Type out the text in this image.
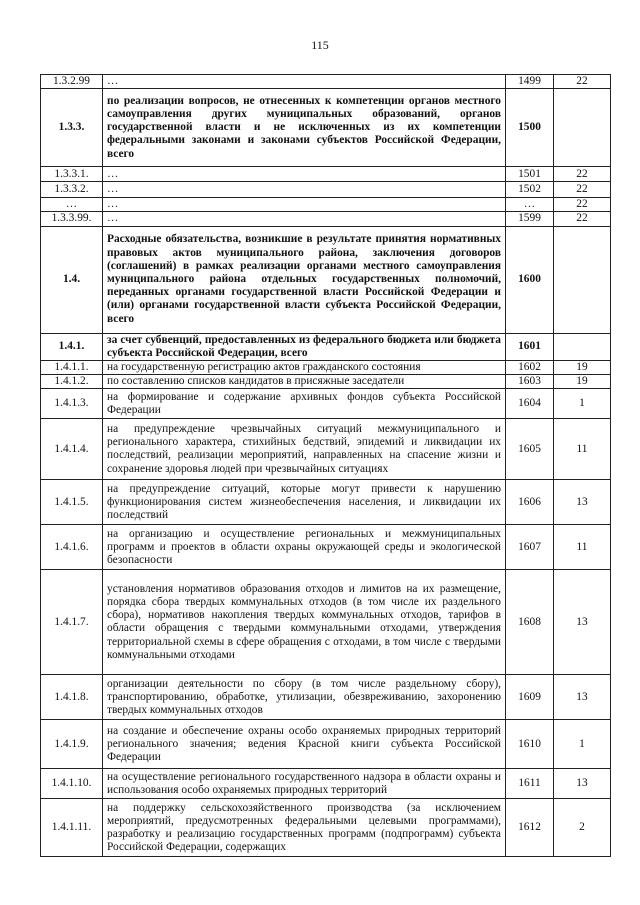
115
1.3.2.99	…	1499	22
1.3.3.	по реализации вопросов, не отнесенных к компетенции органов местного самоуправления других муниципальных образований, органов государственной власти и не исключенных из их компетенции федеральными законами и законами субъектов Российской Федерации, всего	1500	
1.3.3.1.	…	1501	22
1.3.3.2.	…	1502	22
…	…	…	22
1.3.3.99.	…	1599	22
1.4.	Расходные обязательства, возникшие в результате принятия нормативных правовых актов муниципального района, заключения договоров (соглашений) в рамках реализации органами местного самоуправления муниципального района отдельных государственных полномочий, переданных органами государственной власти Российской Федерации и (или) органами государственной власти субъекта Российской Федерации, всего	1600	
1.4.1.	за счет субвенций, предоставленных из федерального бюджета или бюджета субъекта Российской Федерации, всего	1601	
1.4.1.1.	на государственную регистрацию актов гражданского состояния	1602	19
1.4.1.2.	по составлению списков кандидатов в присяжные заседатели	1603	19
1.4.1.3.	на формирование и содержание архивных фондов субъекта Российской Федерации	1604	1
1.4.1.4.	на предупреждение чрезвычайных ситуаций межмуниципального и регионального характера, стихийных бедствий, эпидемий и ликвидации их последствий, реализации мероприятий, направленных на спасение жизни и сохранение здоровья людей при чрезвычайных ситуациях	1605	11
1.4.1.5.	на предупреждение ситуаций, которые могут привести к нарушению функционирования систем жизнеобеспечения населения, и ликвидации их последствий	1606	13
1.4.1.6.	на организацию и осуществление региональных и межмуниципальных программ и проектов в области охраны окружающей среды и экологической безопасности	1607	11
1.4.1.7.	установления нормативов образования отходов и лимитов на их размещение, порядка сбора твердых коммунальных отходов (в том числе их раздельного сбора), нормативов накопления твердых коммунальных отходов, тарифов в области обращения с твердыми коммунальными отходами, утверждения территориальной схемы в сфере обращения с отходами, в том числе с твердыми коммунальными отходами	1608	13
1.4.1.8.	организации деятельности по сбору (в том числе раздельному сбору), транспортированию, обработке, утилизации, обезвреживанию, захоронению твердых коммунальных отходов	1609	13
1.4.1.9.	на создание и обеспечение охраны особо охраняемых природных территорий регионального значения; ведения Красной книги субъекта Российской Федерации	1610	1
1.4.1.10.	на осуществление регионального государственного надзора в области охраны и использования особо охраняемых природных территорий	1611	13
1.4.1.11.	на поддержку сельскохозяйственного производства (за исключением мероприятий, предусмотренных федеральными целевыми программами), разработку и реализацию государственных программ (подпрограмм) субъекта Российской Федерации, содержащих	1612	2
